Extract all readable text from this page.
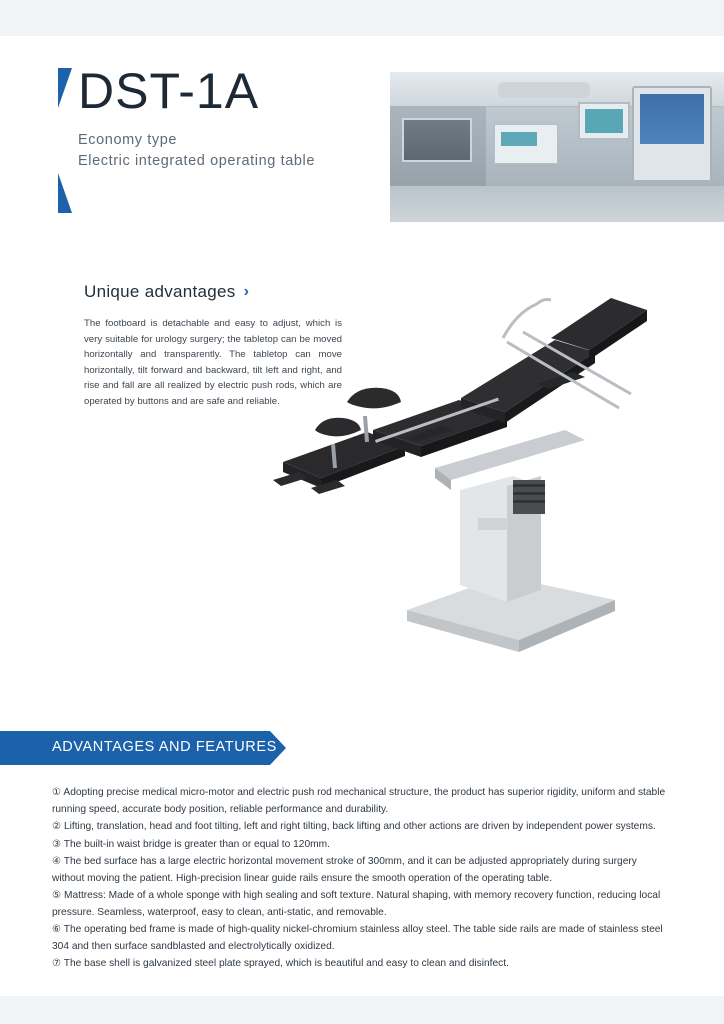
DST-1A
Economy type
Electric integrated operating table
Unique advantages ›
The footboard is detachable and easy to adjust, which is very suitable for urology surgery; the tabletop can be moved horizontally and transparently. The tabletop can move horizontally, tilt forward and backward, tilt left and right, and rise and fall are all realized by electric push rods, which are operated by buttons and are safe and reliable.
ADVANTAGES AND FEATURES

① Adopting precise medical micro-motor and electric push rod mechanical structure, the product has superior rigidity, uniform and stable running speed, accurate body position, reliable performance and durability.

② Lifting, translation, head and foot tilting, left and right tilting, back lifting and other actions are driven by independent power systems.

③ The built-in waist bridge is greater than or equal to 120mm.

④ The bed surface has a large electric horizontal movement stroke of 300mm, and it can be adjusted appropriately during surgery without moving the patient. High-precision linear guide rails ensure the smooth operation of the operating table.

⑤ Mattress: Made of a whole sponge with high sealing and soft texture. Natural shaping, with memory recovery function, reducing local pressure. Seamless, waterproof, easy to clean, anti-static, and removable.

⑥ The operating bed frame is made of high-quality nickel-chromium stainless alloy steel. The table side rails are made of stainless steel 304 and then surface sandblasted and electrolytically oxidized.

⑦ The base shell is galvanized steel plate sprayed, which is beautiful and easy to clean and disinfect.
